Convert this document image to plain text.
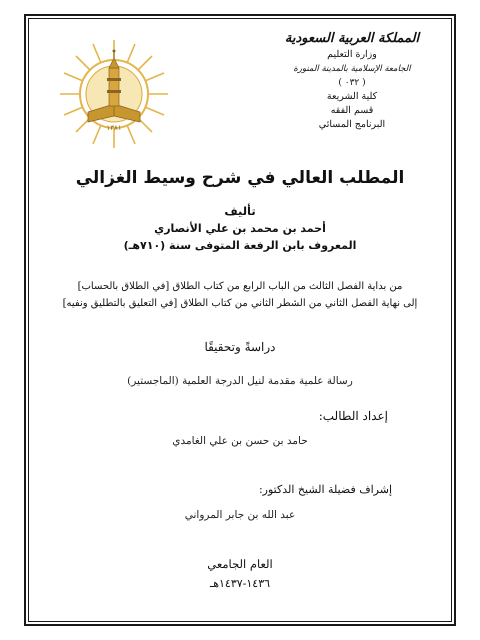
المملكة العربية السعودية
وزارة التعليم
الجامعة الإسلامية بالمدينة المنورة
( ٠٣٢ )
كلية الشريعة
قسم الفقه
البرنامج المسائي
١٣٨١
المطلب العالي في شرح وسيط الغزالي
تأليف
أحمد بن محمد بن علي الأنصاري
المعروف بابن الرفعة المتوفى سنة (٧١٠هـ)
من بداية الفصل الثالث من الباب الرابع من كتاب الطلاق [في الطلاق بالحساب]
إلى نهاية الفصل الثاني من الشطر الثاني من كتاب الطلاق [في التعليق بالتطليق ونفيه]
دراسةً وتحقيقًا
رسالة علمية مقدمة لنيل الدرجة العلمية (الماجستير)
إعداد الطالب:
حامد بن حسن بن علي الغامدي
إشراف فضيلة الشيخ الدكتور:
عبد الله بن جابر المرواني
العام الجامعي
١٤٣٦-١٤٣٧هـ
